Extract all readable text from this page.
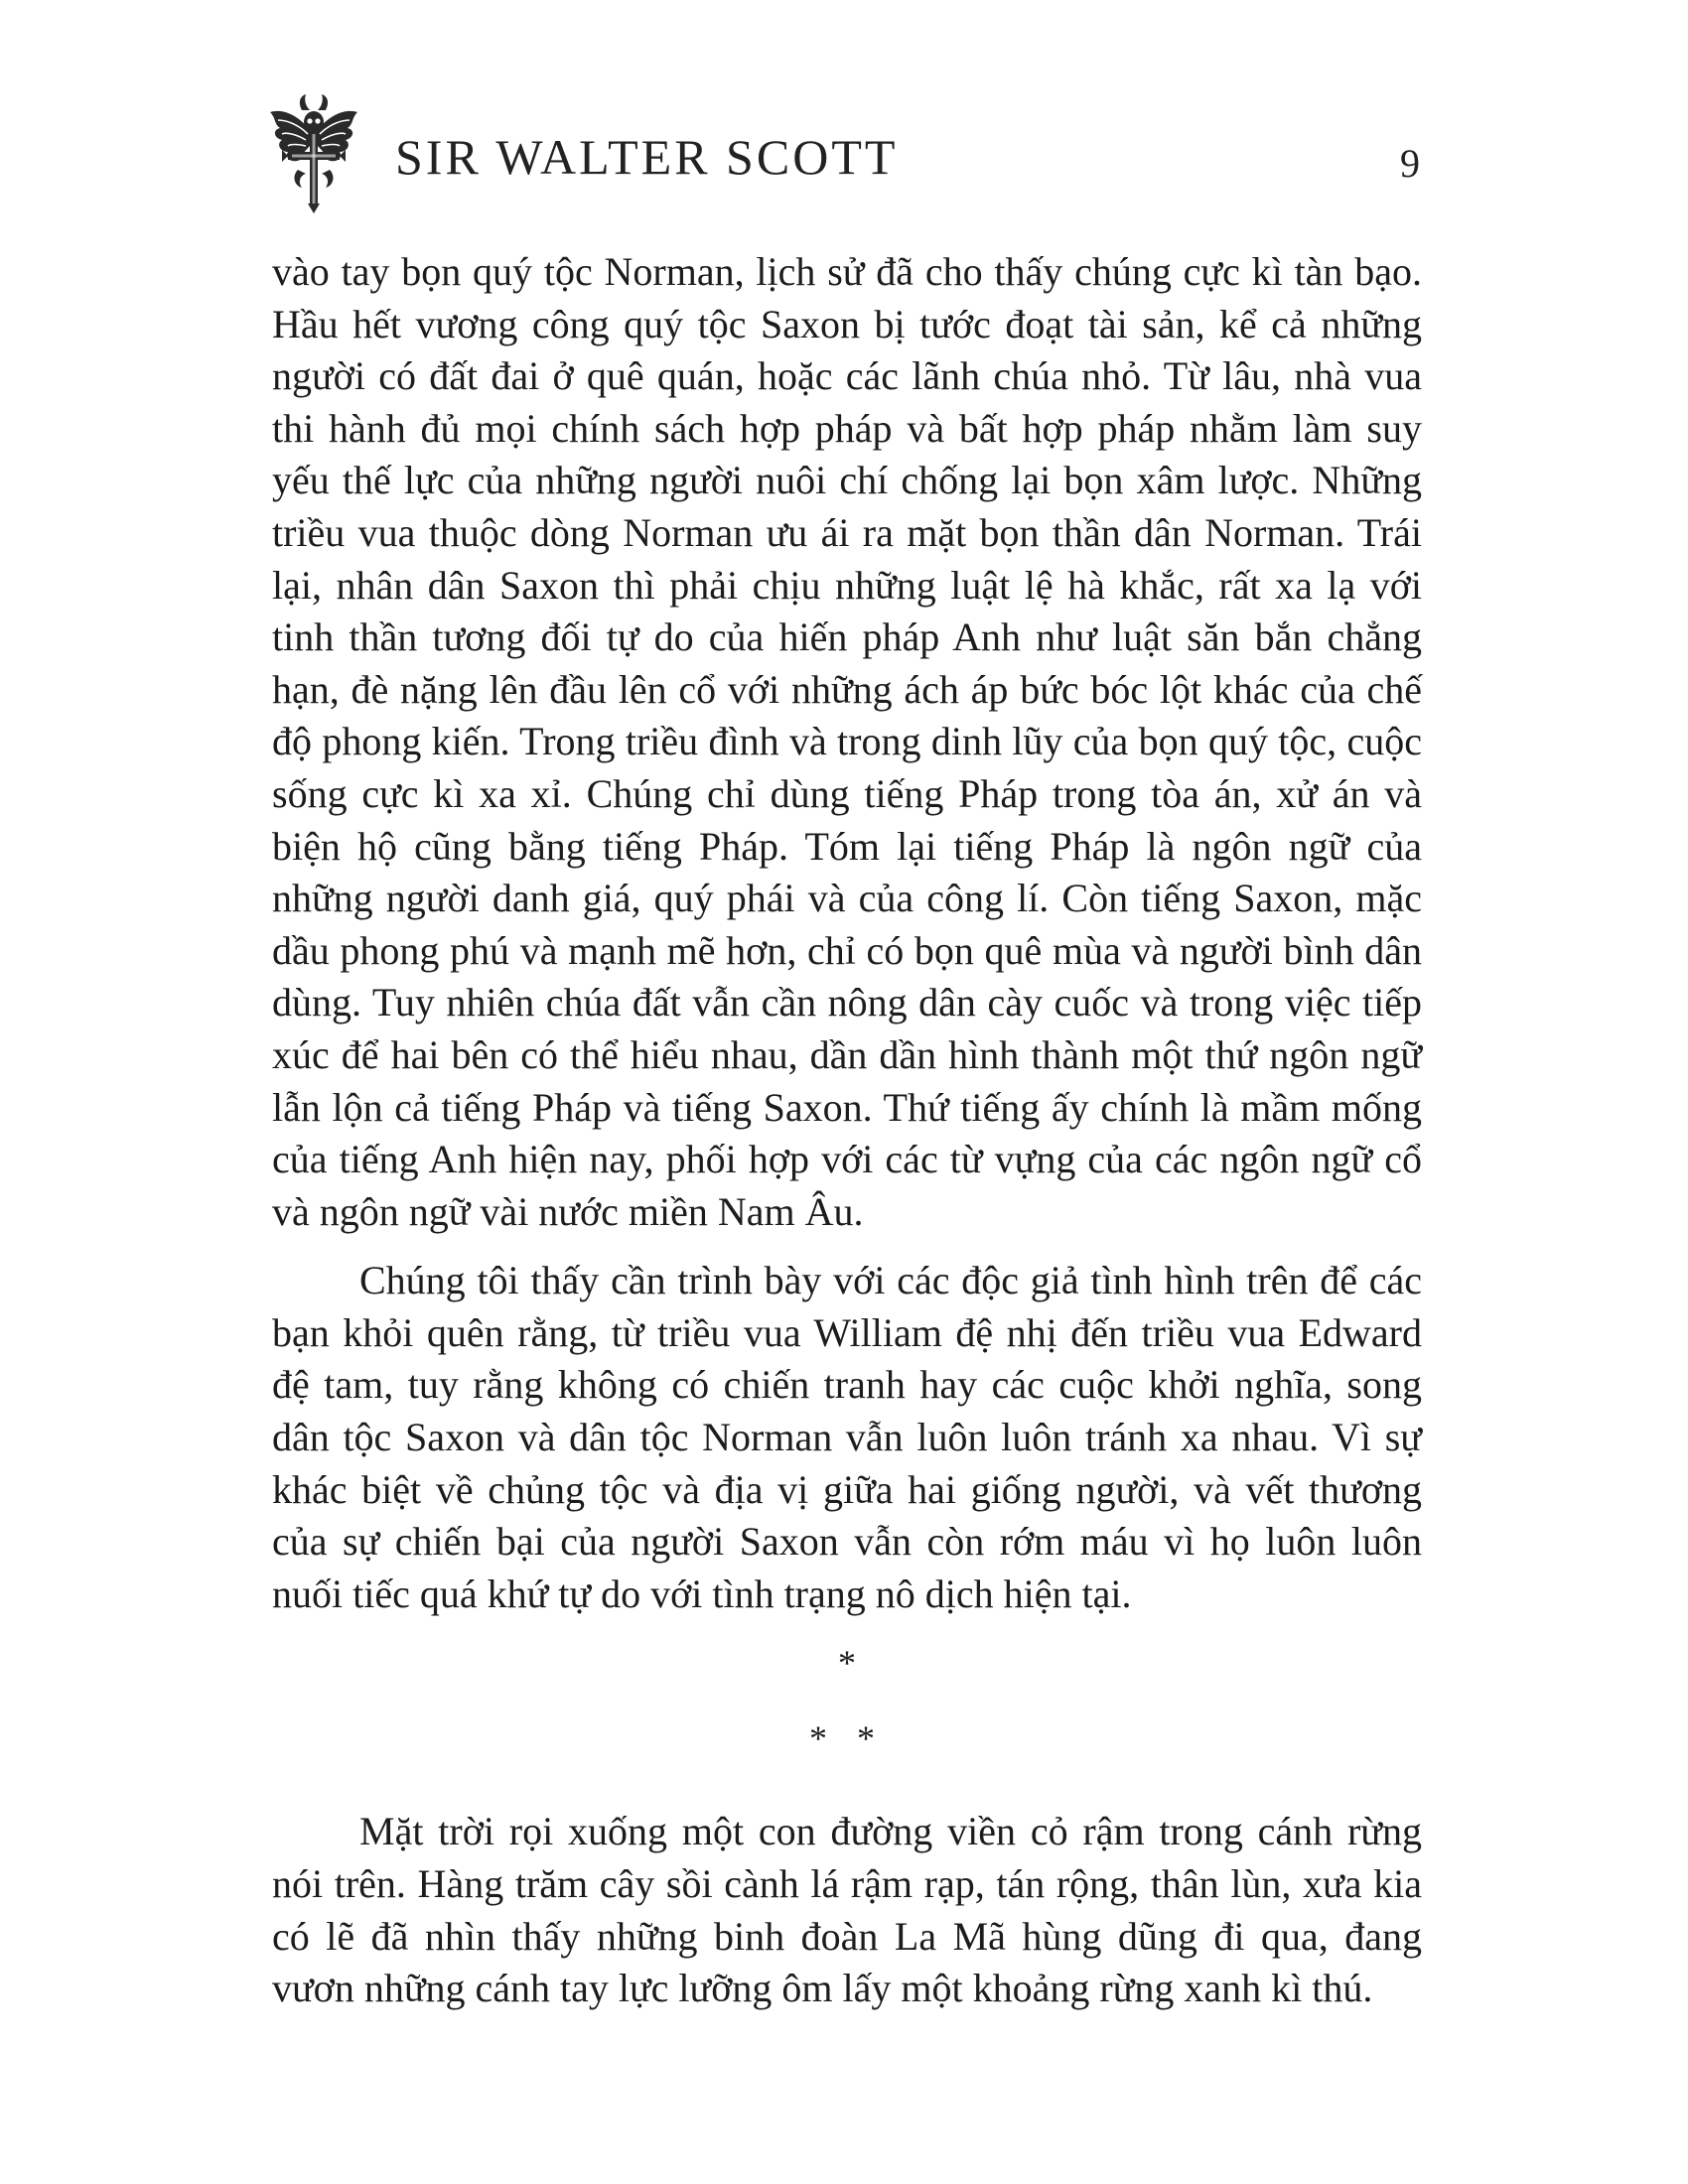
SIR WALTER SCOTT	9

vào tay bọn quý tộc Norman, lịch sử đã cho thấy chúng cực kì tàn bạo. Hầu hết vương công quý tộc Saxon bị tước đoạt tài sản, kể cả những người có đất đai ở quê quán, hoặc các lãnh chúa nhỏ. Từ lâu, nhà vua thi hành đủ mọi chính sách hợp pháp và bất hợp pháp nhằm làm suy yếu thế lực của những người nuôi chí chống lại bọn xâm lược. Những triều vua thuộc dòng Norman ưu ái ra mặt bọn thần dân Norman. Trái lại, nhân dân Saxon thì phải chịu những luật lệ hà khắc, rất xa lạ với tinh thần tương đối tự do của hiến pháp Anh như luật săn bắn chẳng hạn, đè nặng lên đầu lên cổ với những ách áp bức bóc lột khác của chế độ phong kiến. Trong triều đình và trong dinh lũy của bọn quý tộc, cuộc sống cực kì xa xỉ. Chúng chỉ dùng tiếng Pháp trong tòa án, xử án và biện hộ cũng bằng tiếng Pháp. Tóm lại tiếng Pháp là ngôn ngữ của những người danh giá, quý phái và của công lí. Còn tiếng Saxon, mặc dầu phong phú và mạnh mẽ hơn, chỉ có bọn quê mùa và người bình dân dùng. Tuy nhiên chúa đất vẫn cần nông dân cày cuốc và trong việc tiếp xúc để hai bên có thể hiểu nhau, dần dần hình thành một thứ ngôn ngữ lẫn lộn cả tiếng Pháp và tiếng Saxon. Thứ tiếng ấy chính là mầm mống của tiếng Anh hiện nay, phối hợp với các từ vựng của các ngôn ngữ cổ và ngôn ngữ vài nước miền Nam Âu.

Chúng tôi thấy cần trình bày với các độc giả tình hình trên để các bạn khỏi quên rằng, từ triều vua William đệ nhị đến triều vua Edward đệ tam, tuy rằng không có chiến tranh hay các cuộc khởi nghĩa, song dân tộc Saxon và dân tộc Norman vẫn luôn luôn tránh xa nhau. Vì sự khác biệt về chủng tộc và địa vị giữa hai giống người, và vết thương của sự chiến bại của người Saxon vẫn còn rớm máu vì họ luôn luôn nuối tiếc quá khứ tự do với tình trạng nô dịch hiện tại.

*
**

Mặt trời rọi xuống một con đường viền cỏ rậm trong cánh rừng nói trên. Hàng trăm cây sồi cành lá rậm rạp, tán rộng, thân lùn, xưa kia có lẽ đã nhìn thấy những binh đoàn La Mã hùng dũng đi qua, đang vươn những cánh tay lực lưỡng ôm lấy một khoảng rừng xanh kì thú.
